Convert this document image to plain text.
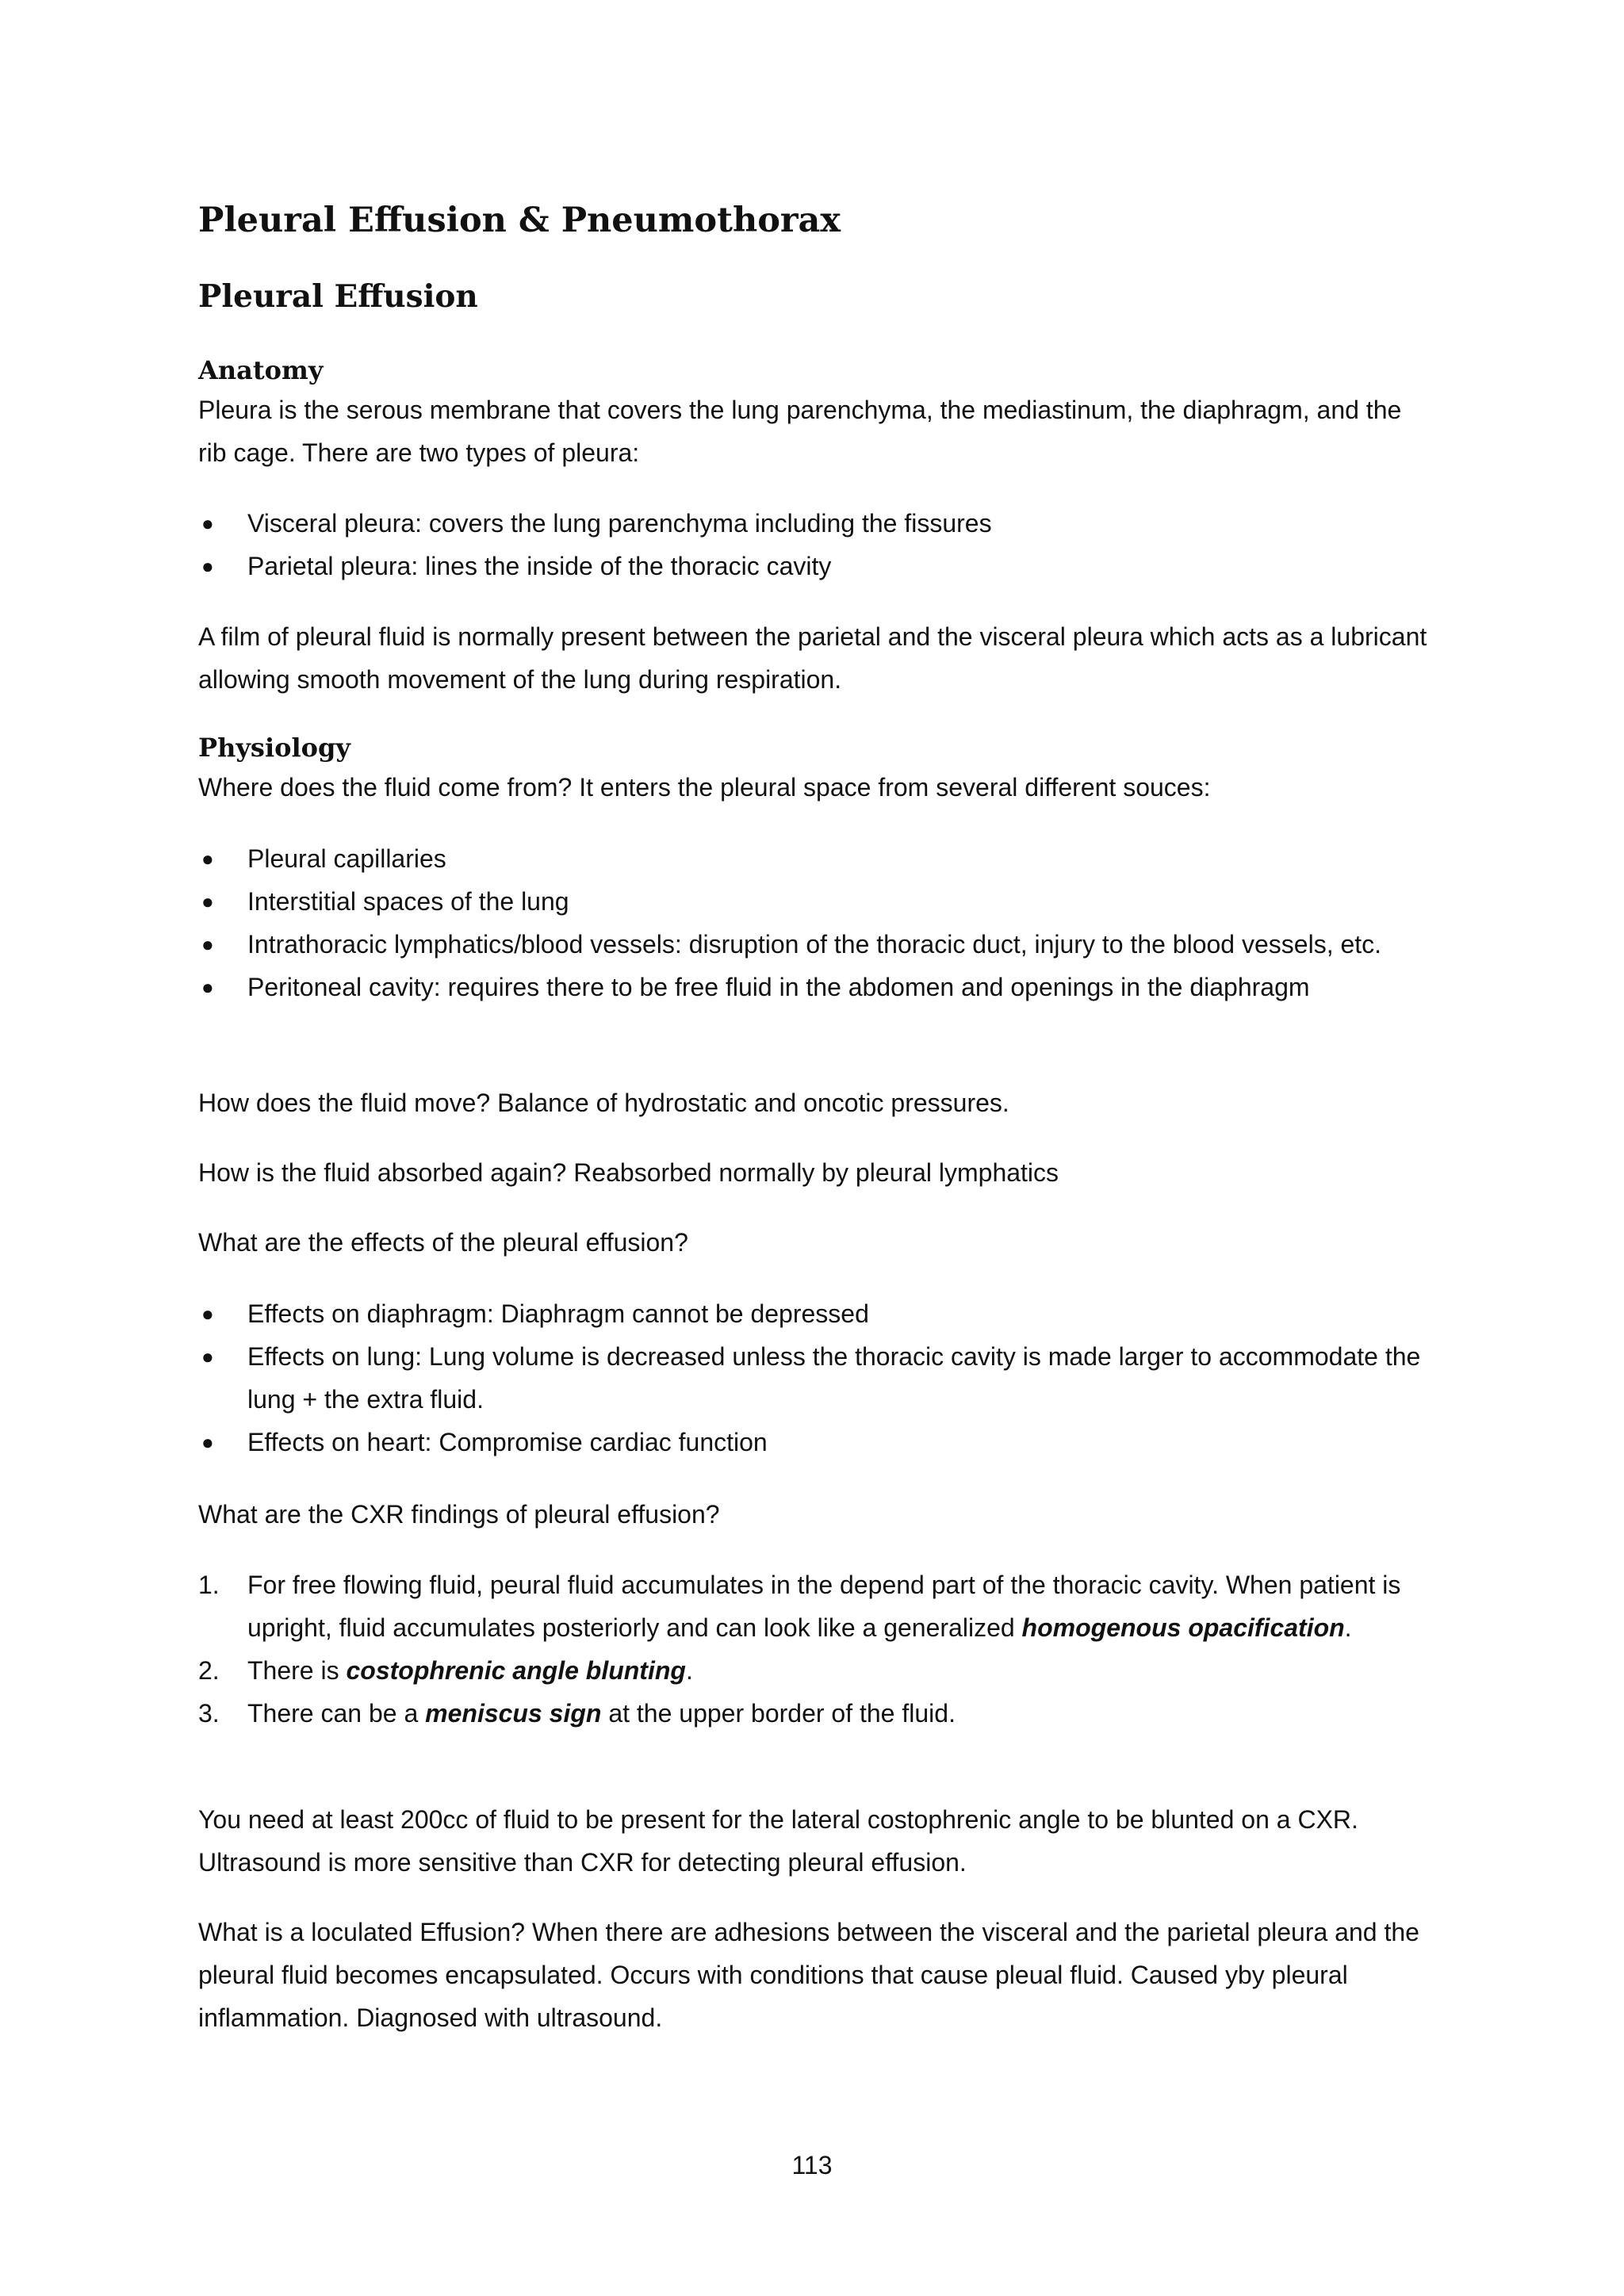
Pleural Effusion & Pneumothorax
Pleural Effusion
Anatomy

Pleura is the serous membrane that covers the lung parenchyma, the mediastinum, the diaphragm, and the rib cage. There are two types of pleura:

● Visceral pleura: covers the lung parenchyma including the fissures
● Parietal pleura: lines the inside of the thoracic cavity

A film of pleural fluid is normally present between the parietal and the visceral pleura which acts as a lubricant allowing smooth movement of the lung during respiration.

Physiology

Where does the fluid come from? It enters the pleural space from several different souces:

● Pleural capillaries
● Interstitial spaces of the lung
● Intrathoracic lymphatics/blood vessels: disruption of the thoracic duct, injury to the blood vessels, etc.
● Peritoneal cavity: requires there to be free fluid in the abdomen and openings in the diaphragm

How does the fluid move? Balance of hydrostatic and oncotic pressures.

How is the fluid absorbed again? Reabsorbed normally by pleural lymphatics

What are the effects of the pleural effusion?

● Effects on diaphragm: Diaphragm cannot be depressed
● Effects on lung: Lung volume is decreased unless the thoracic cavity is made larger to accommodate the lung + the extra fluid.
● Effects on heart: Compromise cardiac function

What are the CXR findings of pleural effusion?

1. For free flowing fluid, peural fluid accumulates in the depend part of the thoracic cavity. When patient is upright, fluid accumulates posteriorly and can look like a generalized homogenous opacification.
2. There is costophrenic angle blunting.
3. There can be a meniscus sign at the upper border of the fluid.

You need at least 200cc of fluid to be present for the lateral costophrenic angle to be blunted on a CXR. Ultrasound is more sensitive than CXR for detecting pleural effusion.

What is a loculated Effusion? When there are adhesions between the visceral and the parietal pleura and the pleural fluid becomes encapsulated. Occurs with conditions that cause pleual fluid. Caused yby pleural inflammation. Diagnosed with ultrasound.

113
